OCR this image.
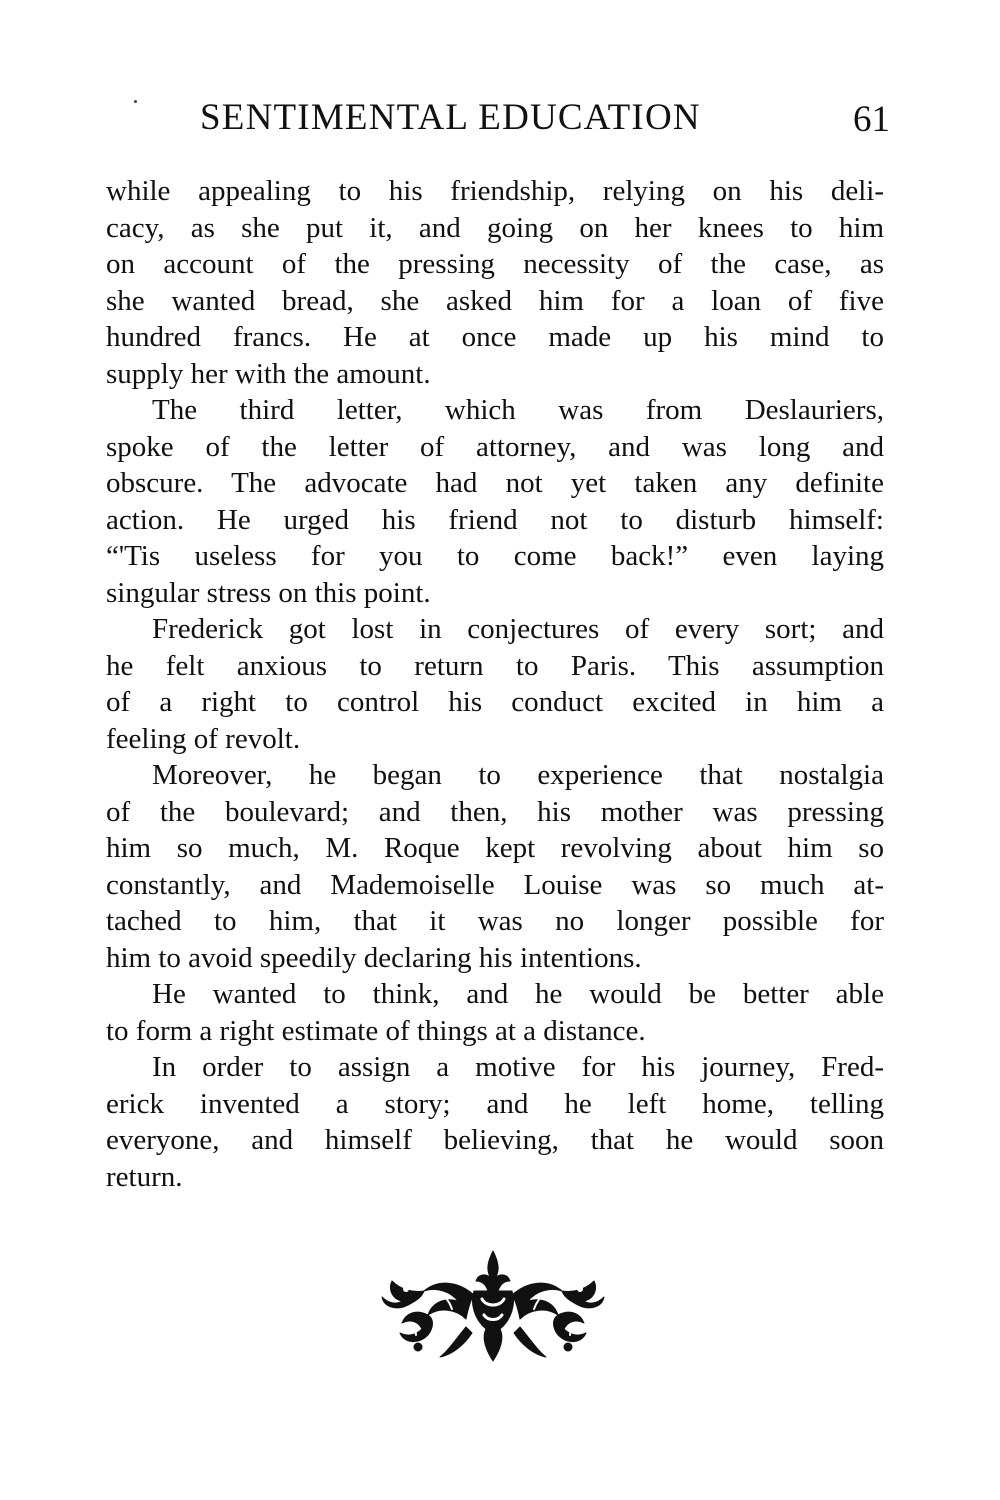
SENTIMENTAL EDUCATION	61
while appealing to his friendship, relying on his deli-
cacy, as she put it, and going on her knees to him
on account of the pressing necessity of the case, as
she wanted bread, she asked him for a loan of five
hundred francs. He at once made up his mind to
supply her with the amount.
The third letter, which was from Deslauriers,
spoke of the letter of attorney, and was long and
obscure. The advocate had not yet taken any definite
action. He urged his friend not to disturb himself:
“'Tis useless for you to come back!” even laying
singular stress on this point.
Frederick got lost in conjectures of every sort; and
he felt anxious to return to Paris. This assumption
of a right to control his conduct excited in him a
feeling of revolt.
Moreover, he began to experience that nostalgia
of the boulevard; and then, his mother was pressing
him so much, M. Roque kept revolving about him so
constantly, and Mademoiselle Louise was so much at-
tached to him, that it was no longer possible for
him to avoid speedily declaring his intentions.
He wanted to think, and he would be better able
to form a right estimate of things at a distance.
In order to assign a motive for his journey, Fred-
erick invented a story; and he left home, telling
everyone, and himself believing, that he would soon
return.
